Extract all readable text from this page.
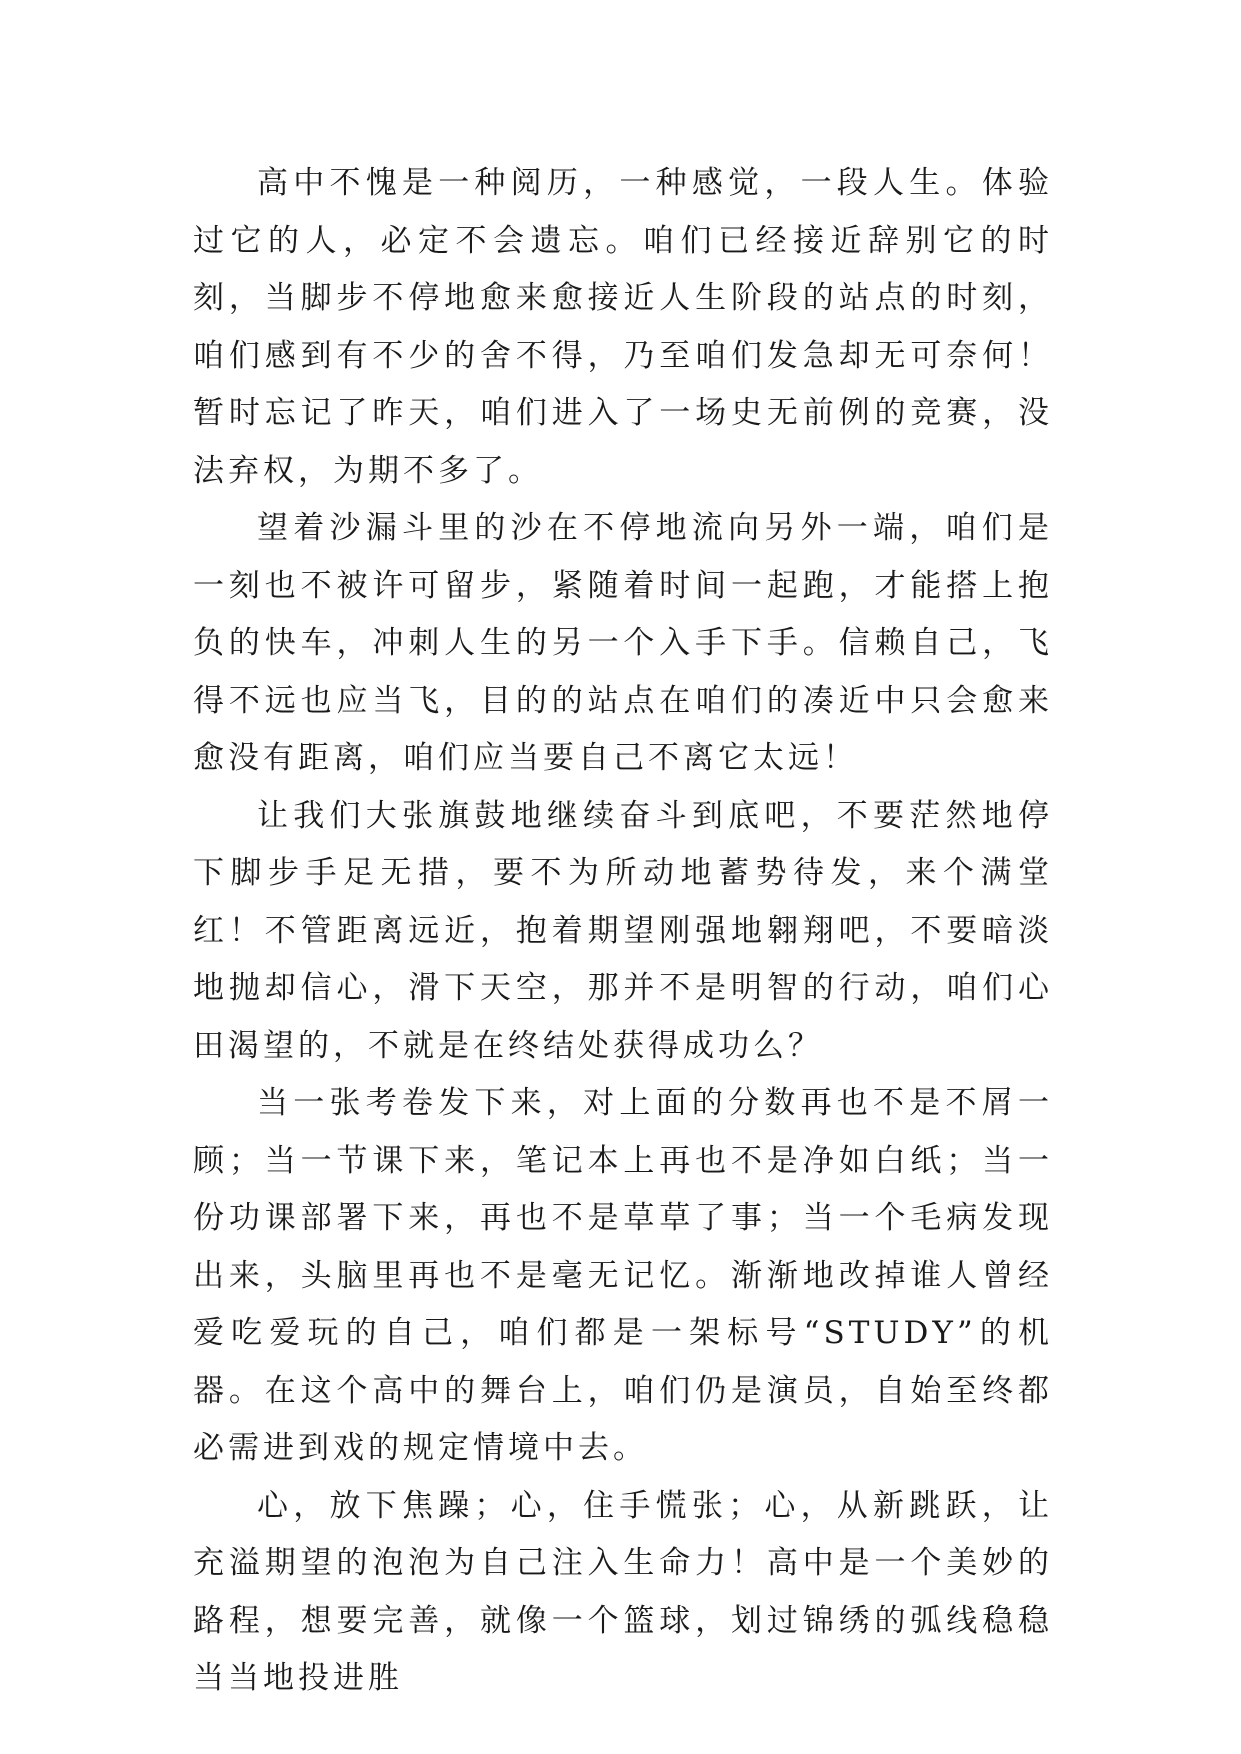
高中不愧是一种阅历，一种感觉，一段人生。体验过它的人，必定不会遗忘。咱们已经接近辞别它的时刻，当脚步不停地愈来愈接近人生阶段的站点的时刻，咱们感到有不少的舍不得，乃至咱们发急却无可奈何！暂时忘记了昨天，咱们进入了一场史无前例的竞赛，没法弃权，为期不多了。

望着沙漏斗里的沙在不停地流向另外一端，咱们是一刻也不被许可留步，紧随着时间一起跑，才能搭上抱负的快车，冲刺人生的另一个入手下手。信赖自己，飞得不远也应当飞，目的的站点在咱们的凑近中只会愈来愈没有距离，咱们应当要自己不离它太远！

让我们大张旗鼓地继续奋斗到底吧，不要茫然地停下脚步手足无措，要不为所动地蓄势待发，来个满堂红！不管距离远近，抱着期望刚强地翱翔吧，不要暗淡地抛却信心，滑下天空，那并不是明智的行动，咱们心田渴望的，不就是在终结处获得成功么？

当一张考卷发下来，对上面的分数再也不是不屑一顾；当一节课下来，笔记本上再也不是净如白纸；当一份功课部署下来，再也不是草草了事；当一个毛病发现出来，头脑里再也不是毫无记忆。渐渐地改掉谁人曾经爱吃爱玩的自己，咱们都是一架标号“STUDY”的机器。在这个高中的舞台上，咱们仍是演员，自始至终都必需进到戏的规定情境中去。

心，放下焦躁；心，住手慌张；心，从新跳跃，让充溢期望的泡泡为自己注入生命力！高中是一个美妙的路程，想要完善，就像一个篮球，划过锦绣的弧线稳稳当当地投进胜
